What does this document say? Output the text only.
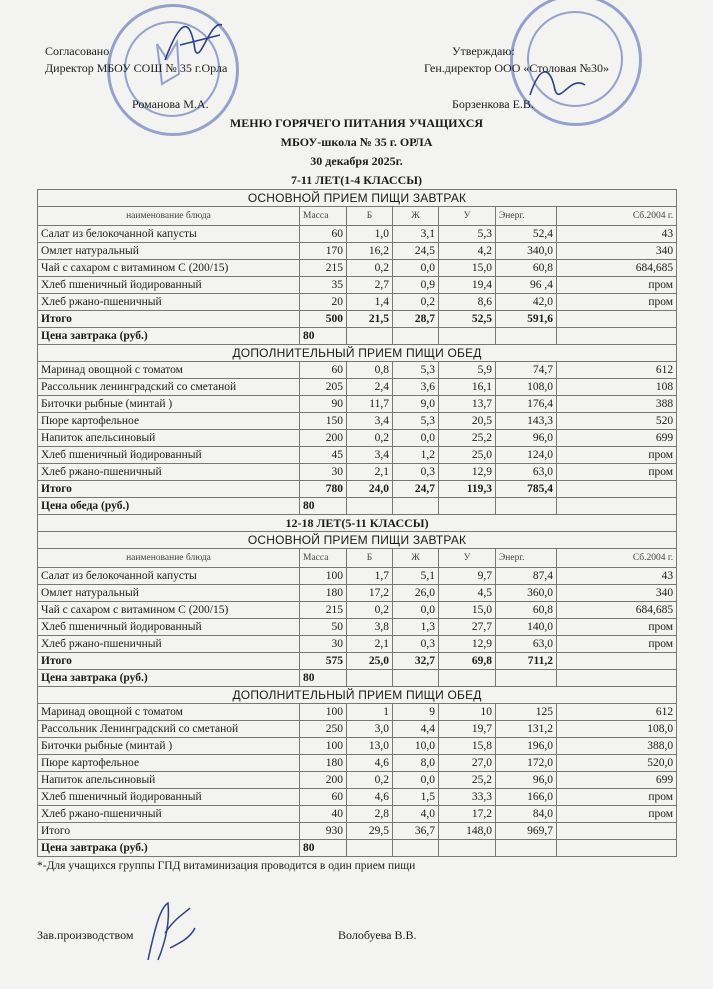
Согласовано
Директор МБОУ СОШ № 35 г.Орла
Романова М.А.
Утверждаю:
Ген.директор ООО «Столовая №30»
Борзенкова Е.В.
МЕНЮ ГОРЯЧЕГО ПИТАНИЯ УЧАЩИХСЯ
МБОУ-школа № 35 г. ОРЛА
30 декабря 2025г.
7-11 ЛЕТ(1-4 КЛАССЫ)
ОСНОВНОЙ ПРИЕМ ПИЩИ ЗАВТРАК						
наименование блюда	Масса	Б	Ж	У	Энерг.	Сб.2004 г.
Салат из белокочанной капусты	60	1,0	3,1	5,3	52,4	43
Омлет натуральный	170	16,2	24,5	4,2	340,0	340
Чай с сахаром с витамином С (200/15)	215	0,2	0,0	15,0	60,8	684,685
Хлеб пшеничный йодированный	35	2,7	0,9	19,4	96 ,4	пром
Хлеб ржано-пшеничный	20	1,4	0,2	8,6	42,0	пром
Итого	500	21,5	28,7	52,5	591,6	
Цена завтрака (руб.)	80					
ДОПОЛНИТЕЛЬНЫЙ ПРИЕМ ПИЩИ ОБЕД						
Маринад овощной с томатом	60	0,8	5,3	5,9	74,7	612
Рассольник ленинградский со сметаной	205	2,4	3,6	16,1	108,0	108
Биточки рыбные (минтай )	90	11,7	9,0	13,7	176,4	388
Пюре картофельное	150	3,4	5,3	20,5	143,3	520
Напиток апельсиновый	200	0,2	0,0	25,2	96,0	699
Хлеб пшеничный йодированный	45	3,4	1,2	25,0	124,0	пром
Хлеб ржано-пшеничный	30	2,1	0,3	12,9	63,0	пром
Итого	780	24,0	24,7	119,3	785,4	
Цена обеда (руб.)	80					
12-18 ЛЕТ(5-11 КЛАССЫ)						
ОСНОВНОЙ ПРИЕМ ПИЩИ ЗАВТРАК						
наименование блюда	Масса	Б	Ж	У	Энерг.	Сб.2004 г.
Салат из белокочанной капусты	100	1,7	5,1	9,7	87,4	43
Омлет натуральный	180	17,2	26,0	4,5	360,0	340
Чай с сахаром с витамином С (200/15)	215	0,2	0,0	15,0	60,8	684,685
Хлеб пшеничный йодированный	50	3,8	1,3	27,7	140,0	пром
Хлеб ржано-пшеничный	30	2,1	0,3	12,9	63,0	пром
Итого	575	25,0	32,7	69,8	711,2	
Цена завтрака (руб.)	80					
ДОПОЛНИТЕЛЬНЫЙ ПРИЕМ ПИЩИ ОБЕД						
Маринад овощной с томатом	100	1	9	10	125	612
Рассольник Ленинградский со сметаной	250	3,0	4,4	19,7	131,2	108,0
Биточки рыбные (минтай )	100	13,0	10,0	15,8	196,0	388,0
Пюре картофельное	180	4,6	8,0	27,0	172,0	520,0
Напиток апельсиновый	200	0,2	0,0	25,2	96,0	699
Хлеб пшеничный йодированный	60	4,6	1,5	33,3	166,0	пром
Хлеб ржано-пшеничный	40	2,8	4,0	17,2	84,0	пром
Итого	930	29,5	36,7	148,0	969,7	
Цена завтрака (руб.)	80					
*-Для учащихся группы ГПД витаминизация проводится в один прием пищи
Зав.производством	Волобуева В.В.
